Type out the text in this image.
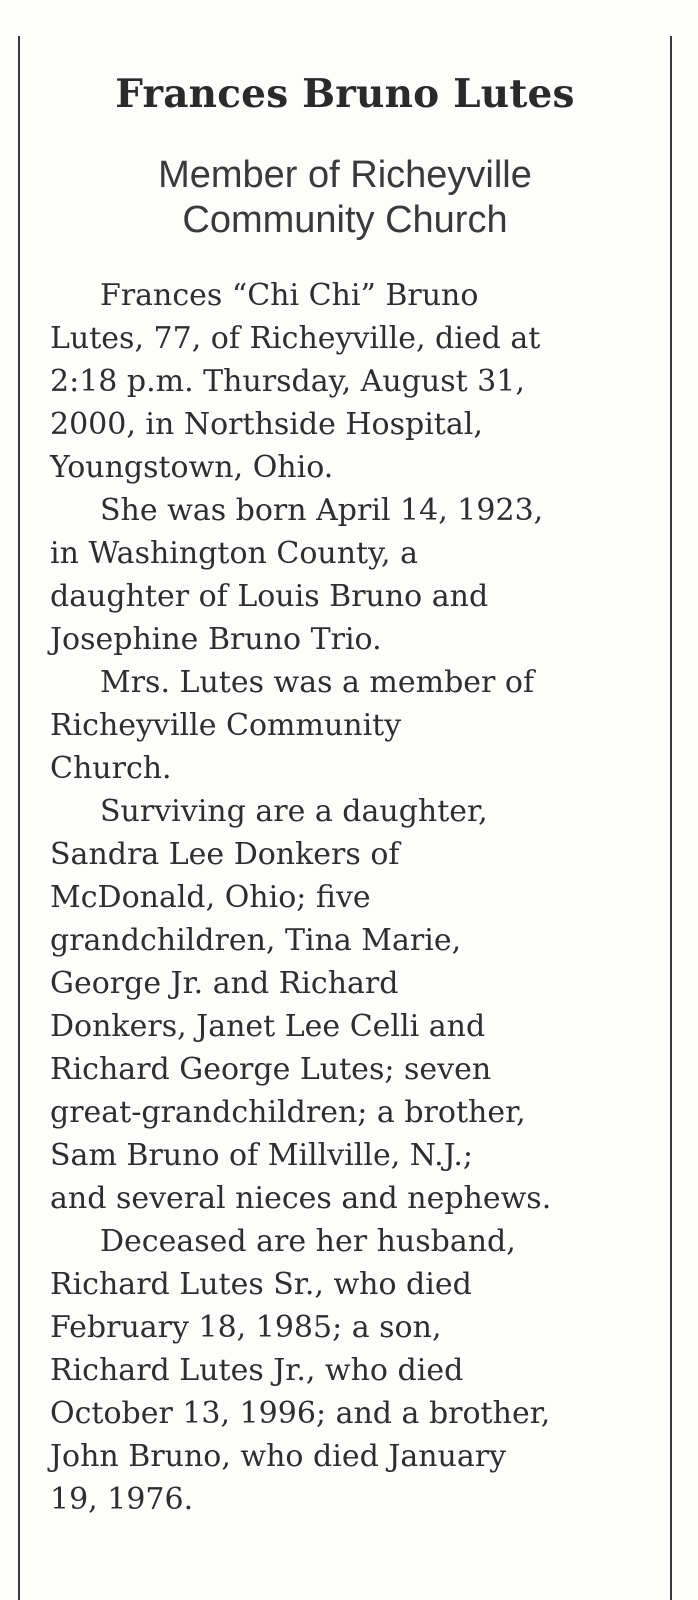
Frances Bruno Lutes
Member of Richeyville
Community Church
Frances “Chi Chi” Bruno
Lutes, 77, of Richeyville, died at
2:18 p.m. Thursday, August 31,
2000, in Northside Hospital,
Youngstown, Ohio.
She was born April 14, 1923,
in Washington County, a
daughter of Louis Bruno and
Josephine Bruno Trio.
Mrs. Lutes was a member of
Richeyville Community
Church.
Surviving are a daughter,
Sandra Lee Donkers of
McDonald, Ohio; five
grandchildren, Tina Marie,
George Jr. and Richard
Donkers, Janet Lee Celli and
Richard George Lutes; seven
great-grandchildren; a brother,
Sam Bruno of Millville, N.J.;
and several nieces and nephews.
Deceased are her husband,
Richard Lutes Sr., who died
February 18, 1985; a son,
Richard Lutes Jr., who died
October 13, 1996; and a brother,
John Bruno, who died January
19, 1976.
